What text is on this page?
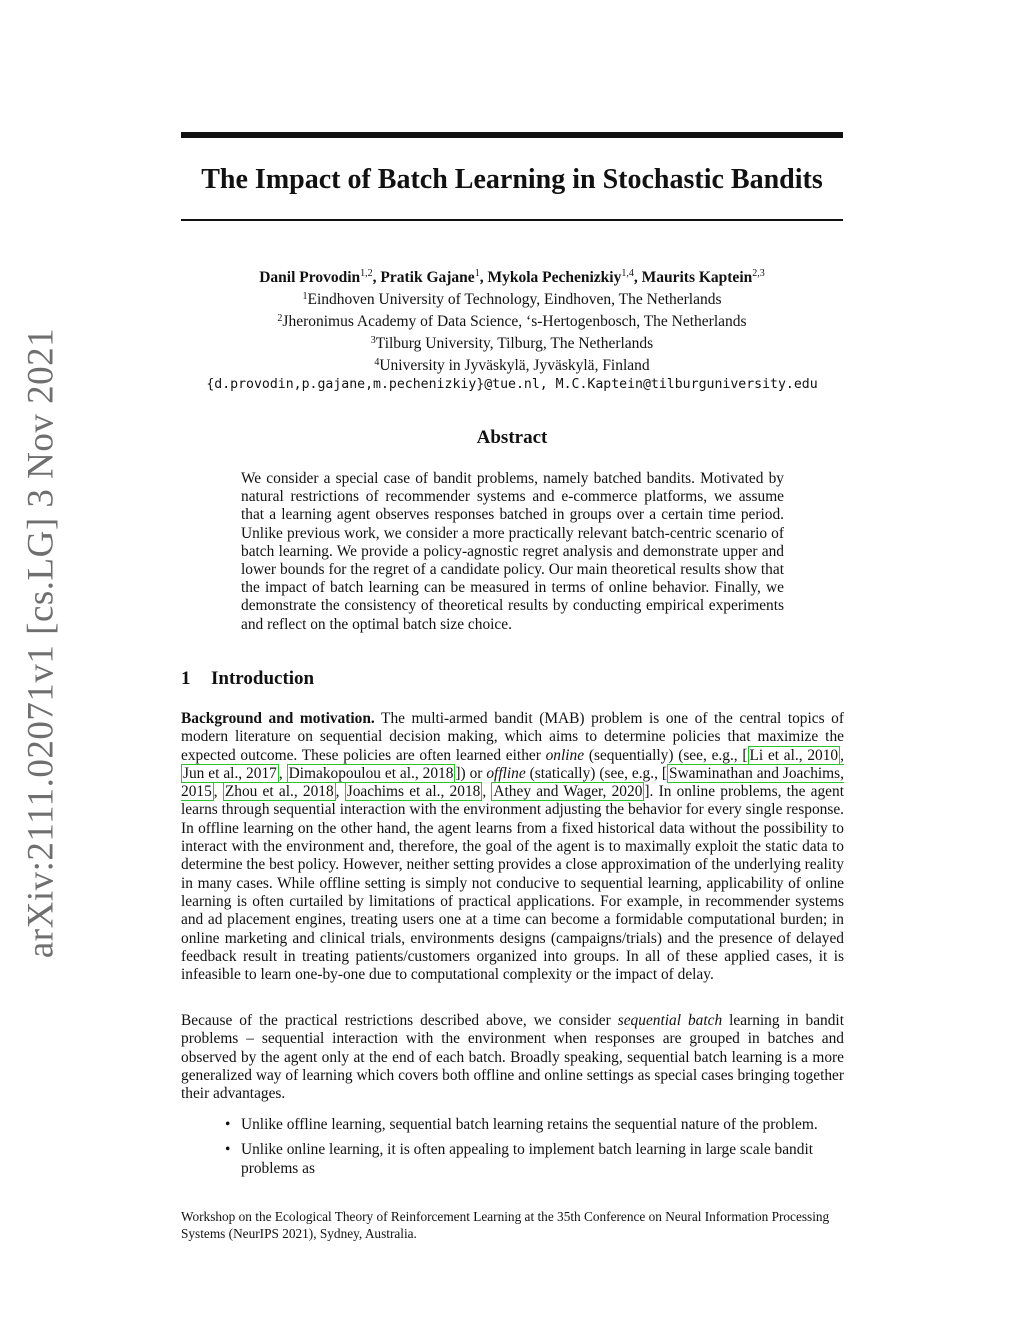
arXiv:2111.02071v1 [cs.LG] 3 Nov 2021
The Impact of Batch Learning in Stochastic Bandits
Danil Provodin$^{1,2}$, Pratik Gajane$^1$, Mykola Pechenizkiy$^{1,4}$, Maurits Kaptein$^{2,3}$
$^1$Eindhoven University of Technology, Eindhoven, The Netherlands
$^2$Jheronimus Academy of Data Science, ‘s-Hertogenbosch, The Netherlands
$^3$Tilburg University, Tilburg, The Netherlands
$^4$University in Jyväskylä, Jyväskylä, Finland
{d.provodin,p.gajane,m.pechenizkiy}@tue.nl, M.C.Kaptein@tilburguniversity.edu
Abstract

We consider a special case of bandit problems, namely batched bandits. Motivated by natural restrictions of recommender systems and e-commerce platforms, we assume that a learning agent observes responses batched in groups over a certain time period. Unlike previous work, we consider a more practically relevant batch-centric scenario of batch learning. We provide a policy-agnostic regret analysis and demonstrate upper and lower bounds for the regret of a candidate policy. Our main theoretical results show that the impact of batch learning can be measured in terms of online behavior. Finally, we demonstrate the consistency of theoretical results by conducting empirical experiments and reflect on the optimal batch size choice.

1 Introduction

Background and motivation. The multi-armed bandit (MAB) problem is one of the central topics of modern literature on sequential decision making, which aims to determine policies that maximize the expected outcome. These policies are often learned either online (sequentially) (see, e.g., [ Li et al., 2010 , Jun et al., 2017 , Dimakopoulou et al., 2018 ]) or offline (statically) (see, e.g., [ Swaminathan and Joachims, 2015 , Zhou et al., 2018 , Joachims et al., 2018 , Athey and Wager, 2020 ]. In online problems, the agent learns through sequential interaction with the environment adjusting the behavior for every single response. In offline learning on the other hand, the agent learns from a fixed historical data without the possibility to interact with the environment and, therefore, the goal of the agent is to maximally exploit the static data to determine the best policy. However, neither setting provides a close approximation of the underlying reality in many cases. While offline setting is simply not conducive to sequential learning, applicability of online learning is often curtailed by limitations of practical applications. For example, in recommender systems and ad placement engines, treating users one at a time can become a formidable computational burden; in online marketing and clinical trials, environments designs (campaigns/trials) and the presence of delayed feedback result in treating patients/customers organized into groups. In all of these applied cases, it is infeasible to learn one-by-one due to computational complexity or the impact of delay.

Because of the practical restrictions described above, we consider sequential batch learning in bandit problems – sequential interaction with the environment when responses are grouped in batches and observed by the agent only at the end of each batch. Broadly speaking, sequential batch learning is a more generalized way of learning which covers both offline and online settings as special cases bringing together their advantages.

• Unlike offline learning, sequential batch learning retains the sequential nature of the problem.
• Unlike online learning, it is often appealing to implement batch learning in large scale bandit problems as

Workshop on the Ecological Theory of Reinforcement Learning at the 35th Conference on Neural Information Processing Systems (NeurIPS 2021), Sydney, Australia.
